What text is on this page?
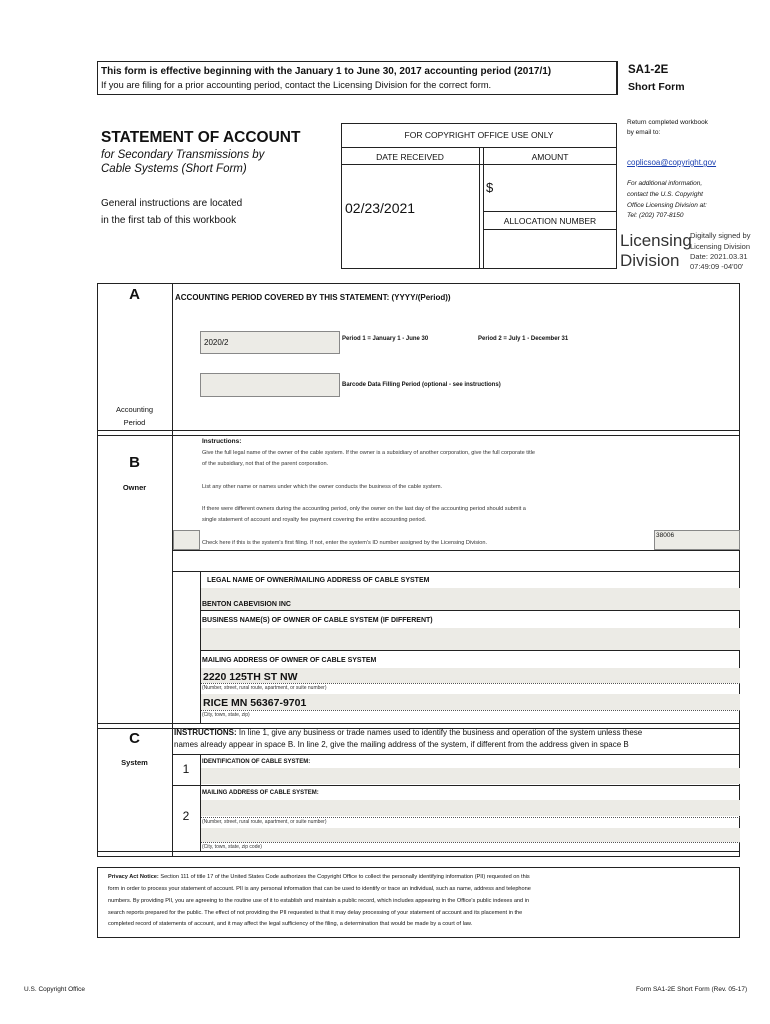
This form is effective beginning with the January 1 to June 30, 2017 accounting period (2017/1)
If you are filing for a prior accounting period, contact the Licensing Division for the correct form.
SA1-2E
Short Form
STATEMENT OF ACCOUNT
for Secondary Transmissions by
Cable Systems (Short Form)
General instructions are located
in the first tab of this workbook
FOR COPYRIGHT OFFICE USE ONLY
DATE RECEIVED	AMOUNT
02/23/2021
$
ALLOCATION NUMBER
Return completed workbook
by email to:
coplicsoa@copyright.gov
For additional information,
contact the U.S. Copyright
Office Licensing Division at:
Tel: (202) 707-8150
Licensing
Division
Digitally signed by
Licensing Division
Date: 2021.03.31
07:49:09 -04'00'
A	ACCOUNTING PERIOD COVERED BY THIS STATEMENT: (YYYY/(Period))
2020/2	Period 1 = January 1 - June 30	Period 2 = July 1 - December 31
Barcode Data Filling Period (optional - see instructions)
Accounting
Period
B
Owner
Instructions:
Give the full legal name of the owner of the cable system. If the owner is a subsidiary of another corporation, give the full corporate title
of the subsidiary, not that of the parent corporation.
List any other name or names under which the owner conducts the business of the cable system.
If there were different owners during the accounting period, only the owner on the last day of the accounting period should submit a
single statement of account and royalty fee payment covering the entire accounting period.
Check here if this is the system's first filing. If not, enter the system's ID number assigned by the Licensing Division.
38006
LEGAL NAME OF OWNER/MAILING ADDRESS OF CABLE SYSTEM
BENTON CABEVISION INC
BUSINESS NAME(S) OF OWNER OF CABLE SYSTEM (IF DIFFERENT)
MAILING ADDRESS OF OWNER OF CABLE SYSTEM
2220 125TH ST NW
(Number, street, rural route, apartment, or suite number)
RICE MN 56367-9701
(City, town, state, zip)
C
System
INSTRUCTIONS: In line 1, give any business or trade names used to identify the business and operation of the system unless these
names already appear in space B. In line 2, give the mailing address of the system, if different from the address given in space B
1	IDENTIFICATION OF CABLE SYSTEM:
MAILING ADDRESS OF CABLE SYSTEM:
2	(Number, street, rural route, apartment, or suite number)
(City, town, state, zip code)
Privacy Act Notice: Section 111 of title 17 of the United States Code authorizes the Copyright Office to collect the personally identifying information (PII) requested on this
form in order to process your statement of account. PII is any personal information that can be used to identify or trace an individual, such as name, address and telephone
numbers. By providing PII, you are agreeing to the routine use of it to establish and maintain a public record, which includes appearing in the Office's public indexes and in
search reports prepared for the public. The effect of not providing the PII requested is that it may delay processing of your statement of account and its placement in the
completed record of statements of account, and it may affect the legal sufficiency of the filing, a determination that would be made by a court of law.
U.S. Copyright Office	Form SA1-2E Short Form (Rev. 05-17)
